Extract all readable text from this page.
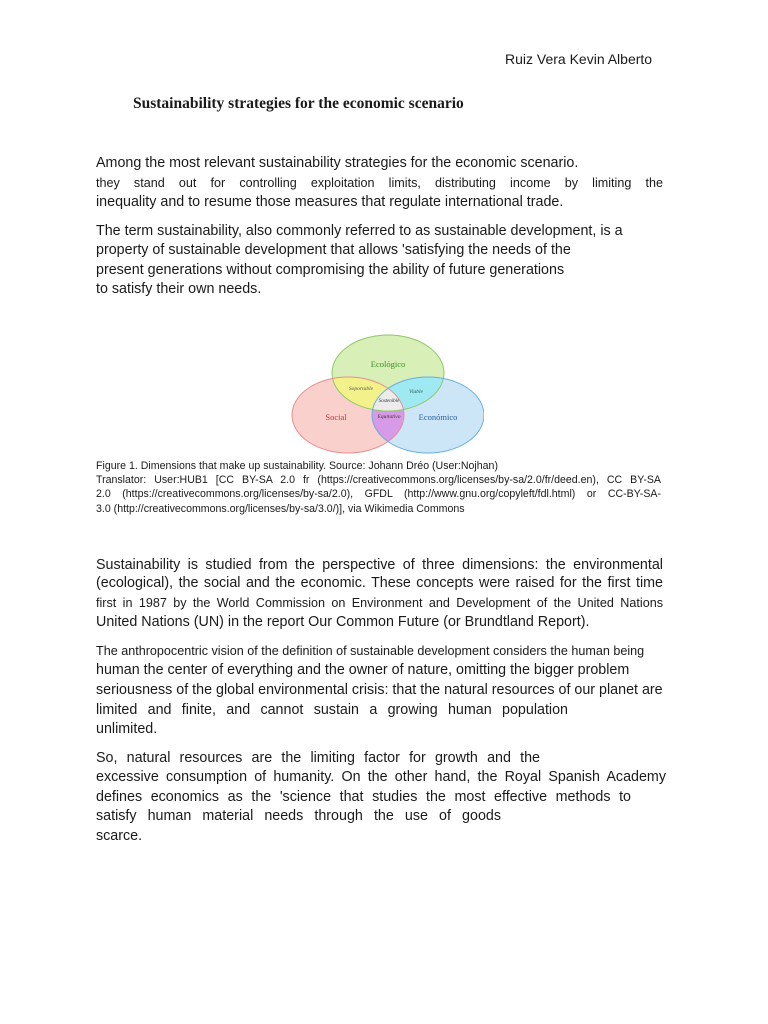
Ruiz Vera Kevin Alberto
Sustainability strategies for the economic scenario
Among the most relevant sustainability strategies for the economic scenario.
they stand out for controlling exploitation limits, distributing income by limiting the
inequality and to resume those measures that regulate international trade.
The term sustainability, also commonly referred to as sustainable development, is a
property of sustainable development that allows 'satisfying the needs of the
present generations without compromising the ability of future generations
to satisfy their own needs.
Ecológico
Social	Económico
Soportable	Viable
Equitativo
Sostenible
Figure 1. Dimensions that make up sustainability. Source: Johann Dréo (User:Nojhan)
Translator: User:HUB1 [CC BY-SA 2.0 fr (https://creativecommons.org/licenses/by-sa/2.0/fr/deed.en), CC BY-SA
2.0 (https://creativecommons.org/licenses/by-sa/2.0), GFDL (http://www.gnu.org/copyleft/fdl.html) or CC-BY-SA-
3.0 (http://creativecommons.org/licenses/by-sa/3.0/)], via Wikimedia Commons
Sustainability is studied from the perspective of three dimensions: the environmental
(ecological), the social and the economic. These concepts were raised for the first time
first in 1987 by the World Commission on Environment and Development of the United Nations
United Nations (UN) in the report Our Common Future (or Brundtland Report).
The anthropocentric vision of the definition of sustainable development considers the human being
human the center of everything and the owner of nature, omitting the bigger problem
seriousness of the global environmental crisis: that the natural resources of our planet are
limited and finite, and cannot sustain a growing human population
unlimited.
So, natural resources are the limiting factor for growth and the
excessive consumption of humanity. On the other hand, the Royal Spanish Academy
defines economics as the 'science that studies the most effective methods to
satisfy human material needs through the use of goods
scarce.
